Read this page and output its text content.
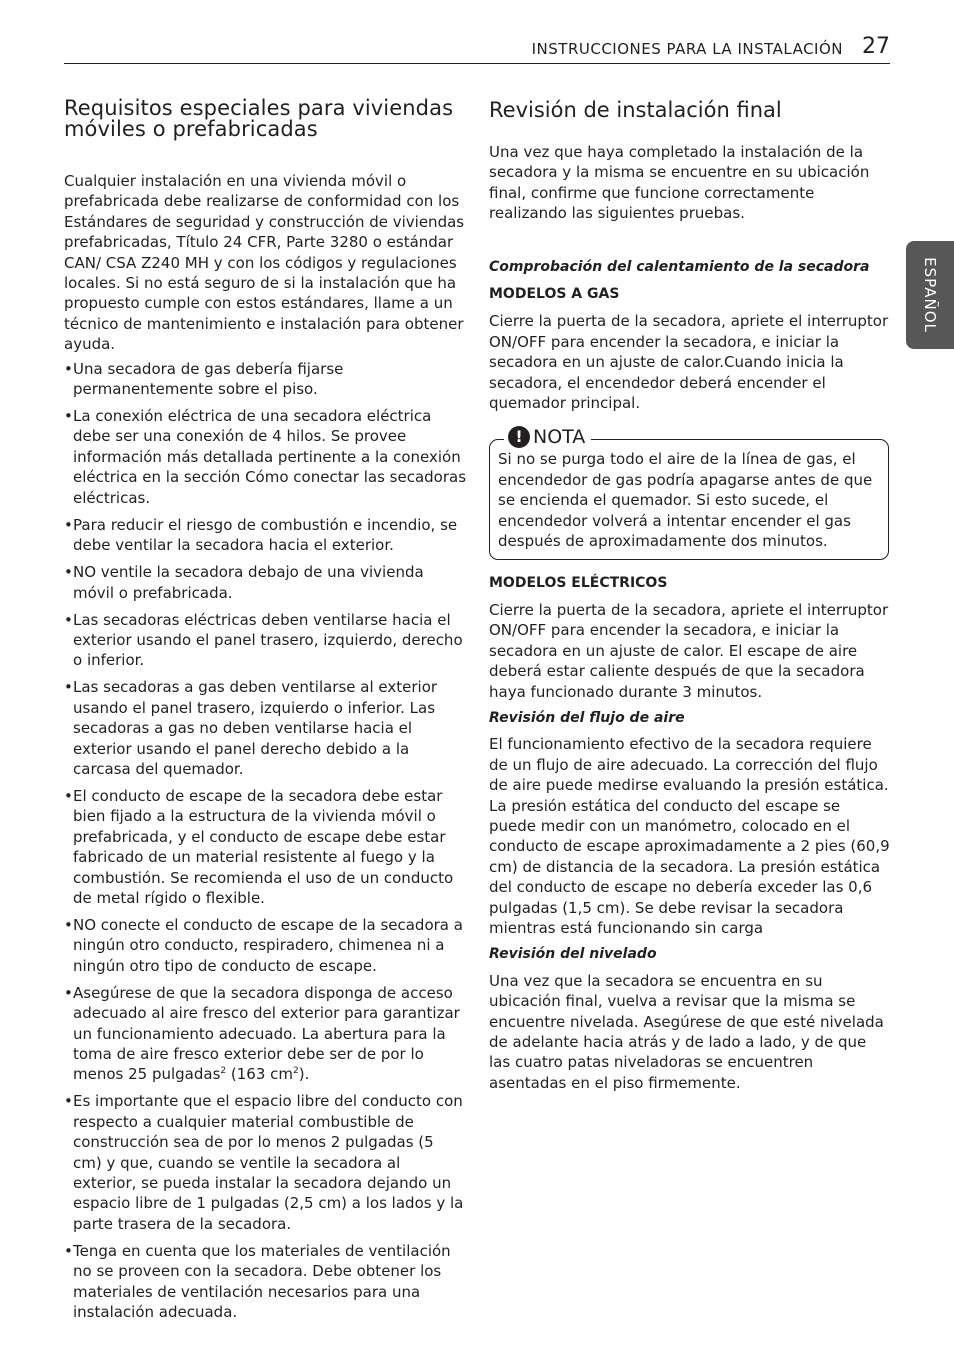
INSTRUCCIONES PARA LA INSTALACIÓN 27
ESPAÑOL
Requisitos especiales para viviendas móviles o prefabricadas

Cualquier instalación en una vivienda móvil o prefabricada debe realizarse de conformidad con los Estándares de seguridad y construcción de viviendas prefabricadas, Título 24 CFR, Parte 3280 o estándar CAN/ CSA Z240 MH y con los códigos y regulaciones locales. Si no está seguro de si la instalación que ha propuesto cumple con estos estándares, llame a un técnico de mantenimiento e instalación para obtener ayuda.

• Una secadora de gas debería fijarse permanentemente sobre el piso.
• La conexión eléctrica de una secadora eléctrica debe ser una conexión de 4 hilos. Se provee información más detallada pertinente a la conexión eléctrica en la sección Cómo conectar las secadoras eléctricas.
• Para reducir el riesgo de combustión e incendio, se debe ventilar la secadora hacia el exterior.
• NO ventile la secadora debajo de una vivienda móvil o prefabricada.
• Las secadoras eléctricas deben ventilarse hacia el exterior usando el panel trasero, izquierdo, derecho o inferior.
• Las secadoras a gas deben ventilarse al exterior usando el panel trasero, izquierdo o inferior. Las secadoras a gas no deben ventilarse hacia el exterior usando el panel derecho debido a la carcasa del quemador.
• El conducto de escape de la secadora debe estar bien fijado a la estructura de la vivienda móvil o prefabricada, y el conducto de escape debe estar fabricado de un material resistente al fuego y la combustión. Se recomienda el uso de un conducto de metal rígido o flexible.
• NO conecte el conducto de escape de la secadora a ningún otro conducto, respiradero, chimenea ni a ningún otro tipo de conducto de escape.
• Asegúrese de que la secadora disponga de acceso adecuado al aire fresco del exterior para garantizar un funcionamiento adecuado. La abertura para la toma de aire fresco exterior debe ser de por lo menos 25 pulgadas$^2$ (163 $cm^2$).
• Es importante que el espacio libre del conducto con respecto a cualquier material combustible de construcción sea de por lo menos 2 pulgadas (5 cm) y que, cuando se ventile la secadora al exterior, se pueda instalar la secadora dejando un espacio libre de 1 pulgadas (2,5 cm) a los lados y la parte trasera de la secadora.
• Tenga en cuenta que los materiales de ventilación no se proveen con la secadora. Debe obtener los materiales de ventilación necesarios para una instalación adecuada.
Revisión de instalación final

Una vez que haya completado la instalación de la secadora y la misma se encuentre en su ubicación final, confirme que funcione correctamente realizando las siguientes pruebas.

Comprobación del calentamiento de la secadora

MODELOS A GAS

Cierre la puerta de la secadora, apriete el interruptor ON/OFF para encender la secadora, e iniciar la secadora en un ajuste de calor.Cuando inicia la secadora, el encendedor deberá encender el quemador principal.

! NOTA

Si no se purga todo el aire de la línea de gas, el encendedor de gas podría apagarse antes de que se encienda el quemador. Si esto sucede, el encendedor volverá a intentar encender el gas después de aproximadamente dos minutos.

MODELOS ELÉCTRICOS

Cierre la puerta de la secadora, apriete el interruptor ON/OFF para encender la secadora, e iniciar la secadora en un ajuste de calor. El escape de aire deberá estar caliente después de que la secadora haya funcionado durante 3 minutos.

Revisión del flujo de aire

El funcionamiento efectivo de la secadora requiere de un flujo de aire adecuado. La corrección del flujo de aire puede medirse evaluando la presión estática. La presión estática del conducto del escape se puede medir con un manómetro, colocado en el conducto de escape aproximadamente a 2 pies (60,9 cm) de distancia de la secadora. La presión estática del conducto de escape no debería exceder las 0,6 pulgadas (1,5 cm). Se debe revisar la secadora mientras está funcionando sin carga

Revisión del nivelado

Una vez que la secadora se encuentra en su ubicación final, vuelva a revisar que la misma se encuentre nivelada. Asegúrese de que esté nivelada de adelante hacia atrás y de lado a lado, y de que las cuatro patas niveladoras se encuentren asentadas en el piso firmemente.
